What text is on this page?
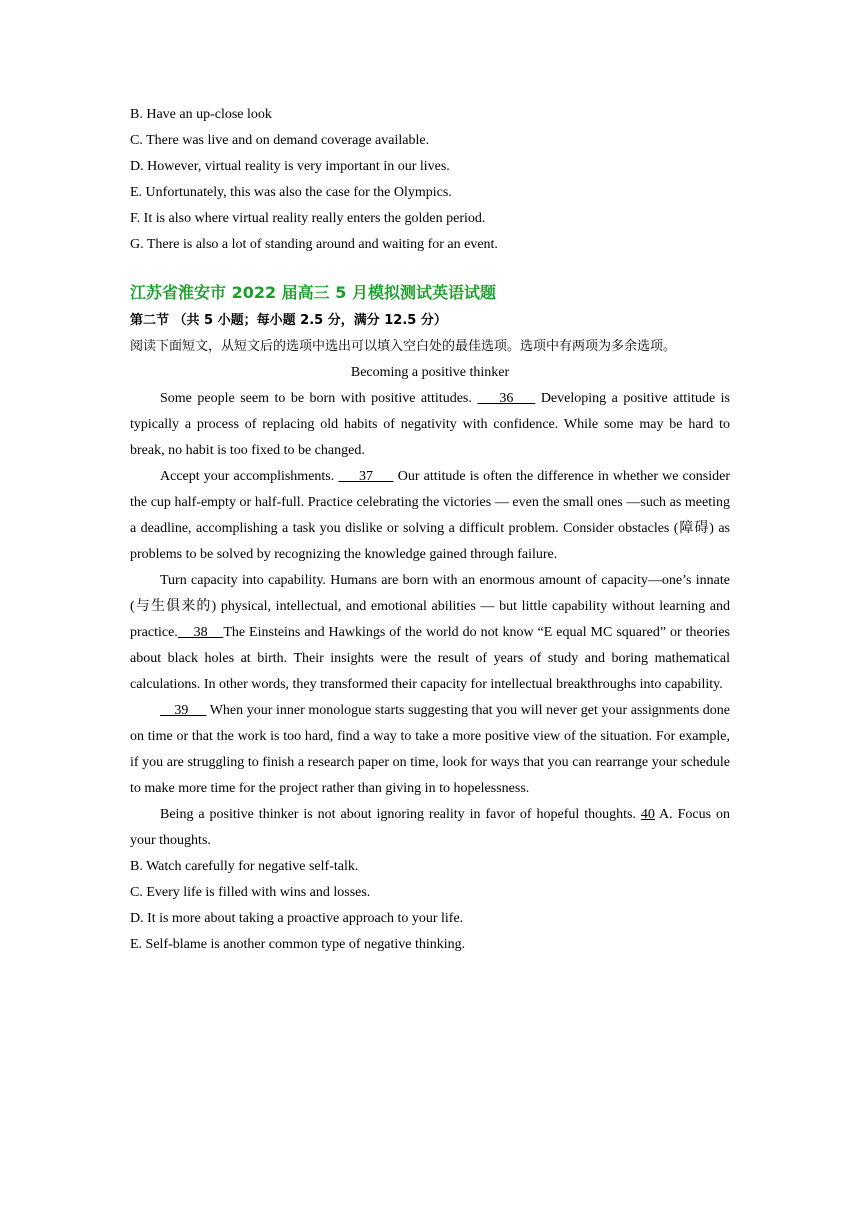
B. Have an up-close look
C. There was live and on demand coverage available.
D. However, virtual reality is very important in our lives.
E. Unfortunately, this was also the case for the Olympics.
F. It is also where virtual reality really enters the golden period.
G. There is also a lot of standing around and waiting for an event.
江苏省淮安市 2022 届高三 5 月模拟测试英语试题
第二节 （共 5 小题；每小题 2.5 分，满分 12.5 分）
阅读下面短文，从短文后的选项中选出可以填入空白处的最佳选项。选项中有两项为多余选项。
Becoming a positive thinker

Some people seem to be born with positive attitudes.     36     Developing a positive attitude is typically a process of replacing old habits of negativity with confidence. While some may be hard to break, no habit is too fixed to be changed.

Accept your accomplishments.      37      Our attitude is often the difference in whether we consider the cup half-empty or half-full. Practice celebrating the victories — even the small ones —such as meeting a deadline, accomplishing a task you dislike or solving a difficult problem. Consider obstacles (障碍) as problems to be solved by recognizing the knowledge gained through failure.

Turn capacity into capability. Humans are born with an enormous amount of capacity—one’s innate (与生俱来的) physical, intellectual, and emotional abilities — but little capability without learning and practice.    38    The Einsteins and Hawkings of the world do not know “E equal MC squared” or theories about black holes at birth. Their insights were the result of years of study and boring mathematical calculations. In other words, they transformed their capacity for intellectual breakthroughs into capability.

39      When your inner monologue starts suggesting that you will never get your assignments done on time or that the work is too hard, find a way to take a more positive view of the situation. For example, if you are struggling to finish a research paper on time, look for ways that you can rearrange your schedule to make more time for the project rather than giving in to hopelessness.

Being a positive thinker is not about ignoring reality in favor of hopeful thoughts. 40 A. Focus on your thoughts.

B. Watch carefully for negative self-talk.
C. Every life is filled with wins and losses.
D. It is more about taking a proactive approach to your life.
E. Self-blame is another common type of negative thinking.
